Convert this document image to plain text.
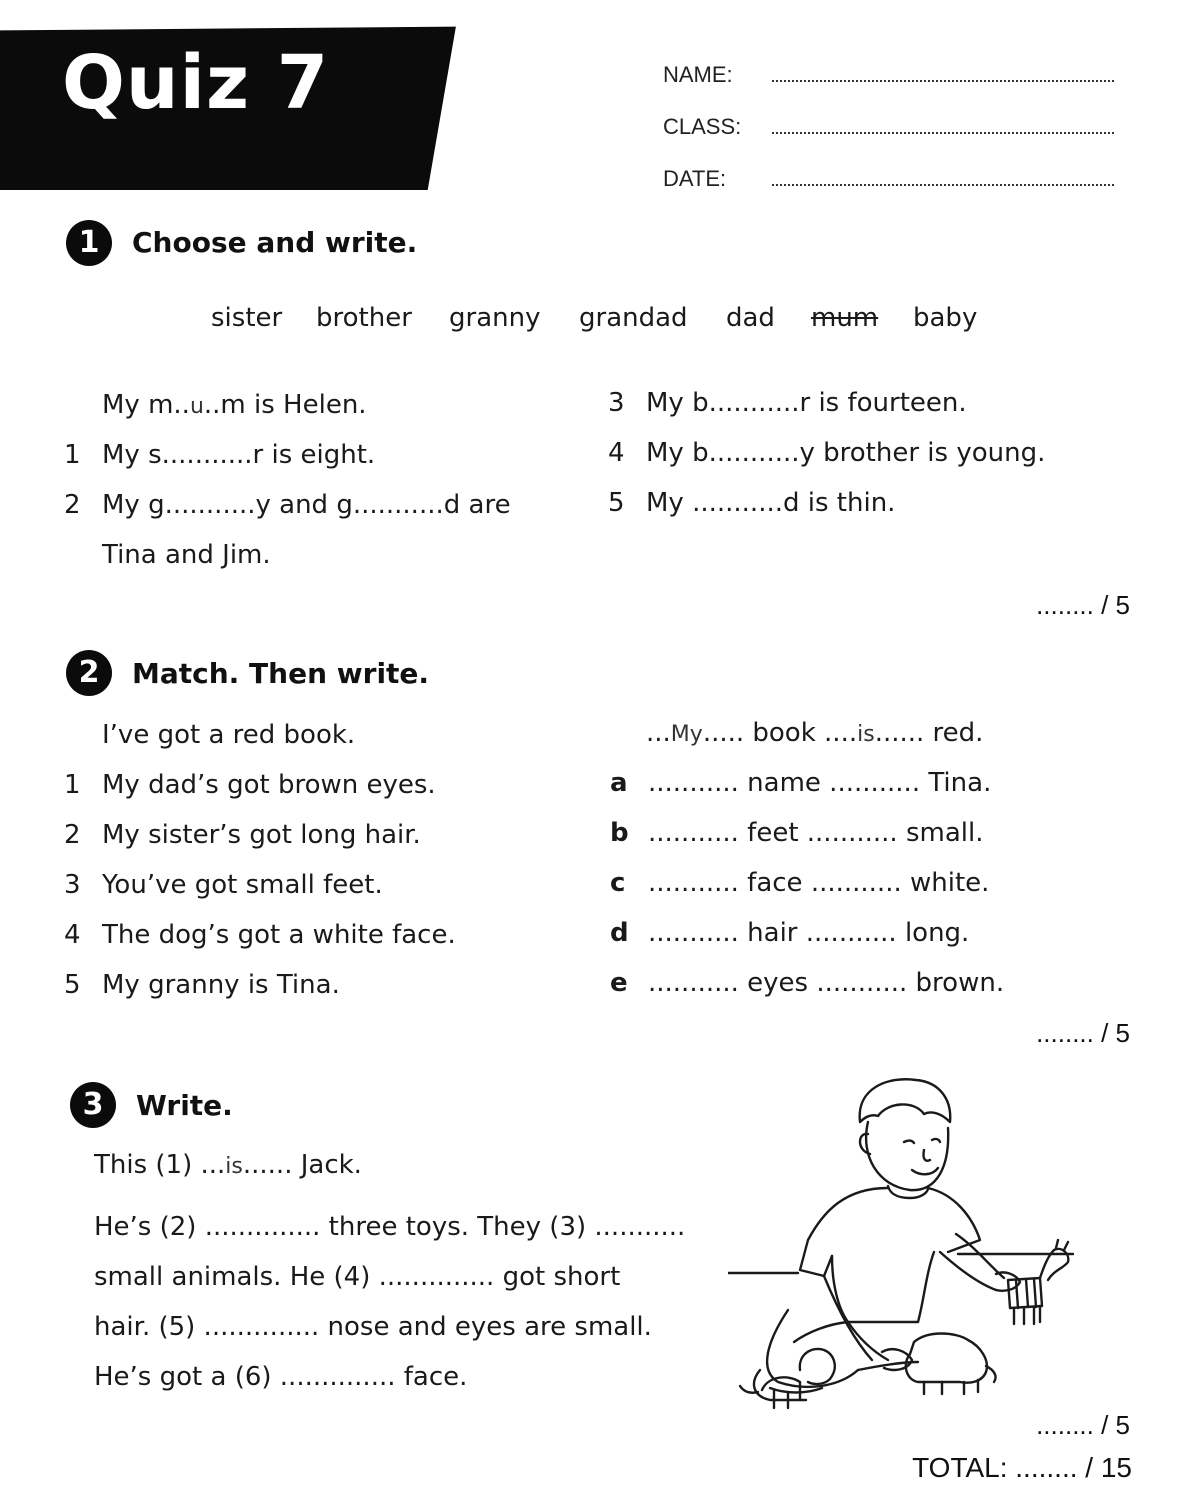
Quiz 7	NAME:
CLASS:
DATE:
1	Choose and write.
sister brother granny grandad dad mum baby
My m..u..m is Helen.
1 My s...........r is eight.
2 My g...........y and g...........d are
Tina and Jim.
3 My b...........r is fourteen.
4 My b...........y brother is young.
5 My ...........d is thin.
........ / 5
2	Match. Then write.
I’ve got a red book.	...My..... book ....is...... red.
1 My dad’s got brown eyes.
2 My sister’s got long hair.
3 You’ve got small feet.
4 The dog’s got a white face.
5 My granny is Tina.
a ........... name ........... Tina.
b ........... feet ........... small.
c ........... face ........... white.
d ........... hair ........... long.
e ........... eyes ........... brown.
........ / 5
3	Write.
This (1) ...is...... Jack.
He’s (2) .............. three toys. They (3) ...........
small animals. He (4) .............. got short
hair. (5) .............. nose and eyes are small.
He’s got a (6) .............. face.
........ / 5
TOTAL: ........ / 15
